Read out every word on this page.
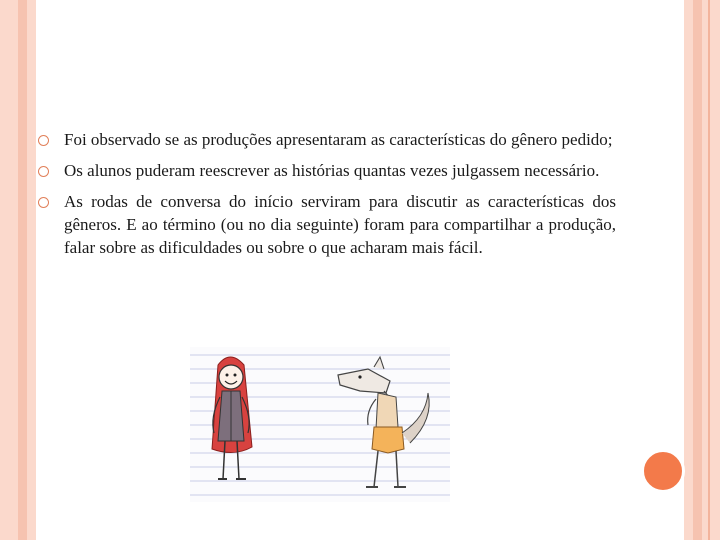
Foi observado se as produções apresentaram as características do gênero pedido;
Os alunos puderam reescrever as histórias quantas vezes julgassem necessário.
As rodas de conversa do início serviram para discutir as características dos gêneros. E ao término (ou no dia seguinte) foram para compartilhar a produção, falar sobre as dificuldades ou sobre o que acharam mais fácil.
